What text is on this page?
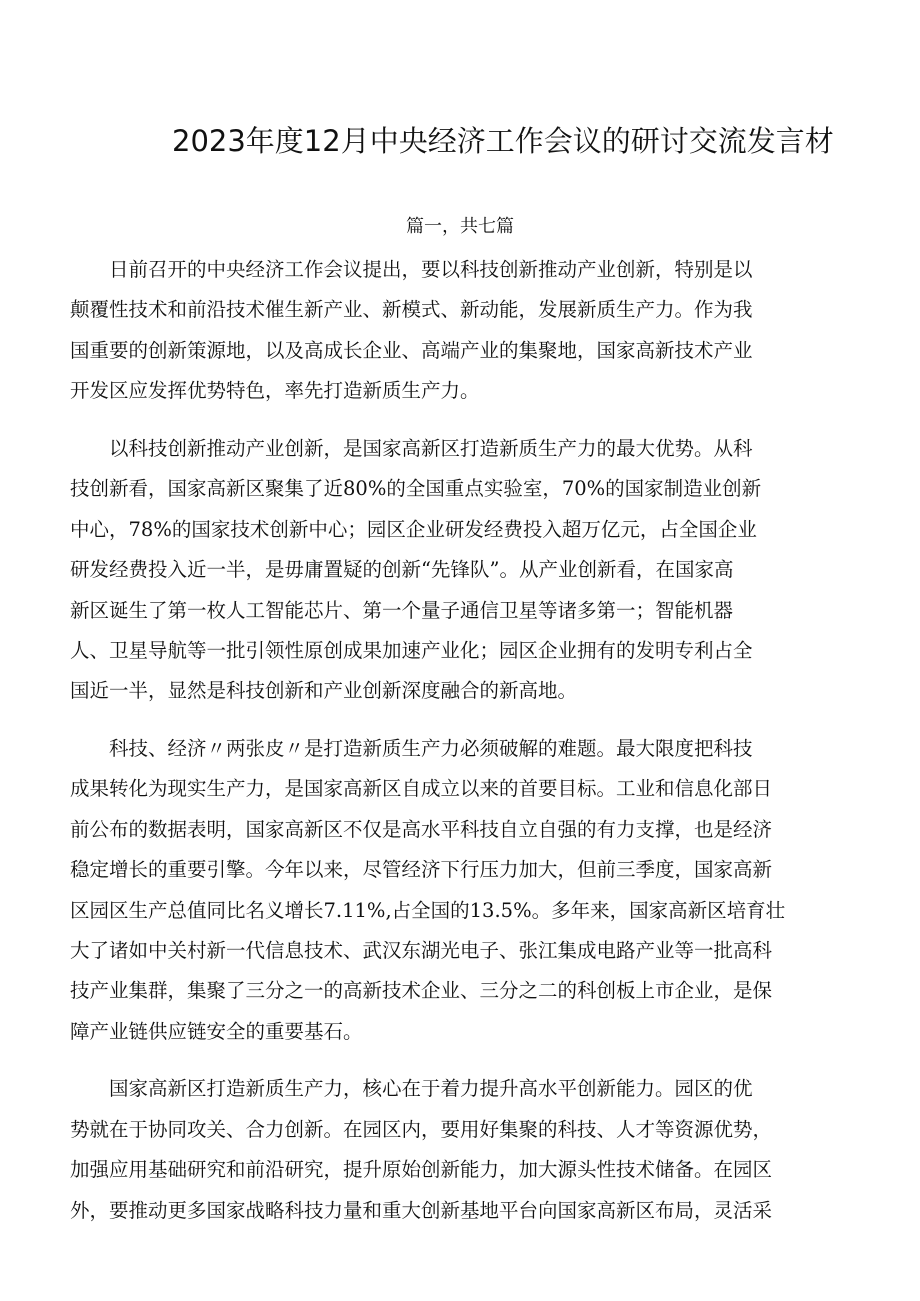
2023年度12月中央经济工作会议的研讨交流发言材

篇一，共七篇

　　日前召开的中央经济工作会议提出，要以科技创新推动产业创新，特别是以
颠覆性技术和前沿技术催生新产业、新模式、新动能，发展新质生产力。作为我
国重要的创新策源地，以及高成长企业、高端产业的集聚地，国家高新技术产业
开发区应发挥优势特色，率先打造新质生产力。
　　以科技创新推动产业创新，是国家高新区打造新质生产力的最大优势。从科
技创新看，国家高新区聚集了近80%的全国重点实验室，70%的国家制造业创新
中心，78%的国家技术创新中心；园区企业研发经费投入超万亿元，占全国企业
研发经费投入近一半，是毋庸置疑的创新“先锋队”。从产业创新看，在国家高
新区诞生了第一枚人工智能芯片、第一个量子通信卫星等诸多第一；智能机器
人、卫星导航等一批引领性原创成果加速产业化；园区企业拥有的发明专利占全
国近一半，显然是科技创新和产业创新深度融合的新高地。
　　科技、经济〃两张皮〃是打造新质生产力必须破解的难题。最大限度把科技
成果转化为现实生产力，是国家高新区自成立以来的首要目标。工业和信息化部日
前公布的数据表明，国家高新区不仅是高水平科技自立自强的有力支撑，也是经济
稳定增长的重要引擎。今年以来，尽管经济下行压力加大，但前三季度，国家高新
区园区生产总值同比名义增长7.11%,占全国的13.5%。多年来，国家高新区培育壮
大了诸如中关村新一代信息技术、武汉东湖光电子、张江集成电路产业等一批高科
技产业集群，集聚了三分之一的高新技术企业、三分之二的科创板上市企业，是保
障产业链供应链安全的重要基石。
　　国家高新区打造新质生产力，核心在于着力提升高水平创新能力。园区的优
势就在于协同攻关、合力创新。在园区内，要用好集聚的科技、人才等资源优势，
加强应用基础研究和前沿研究，提升原始创新能力，加大源头性技术储备。在园区
外，要推动更多国家战略科技力量和重大创新基地平台向国家高新区布局，灵活采
